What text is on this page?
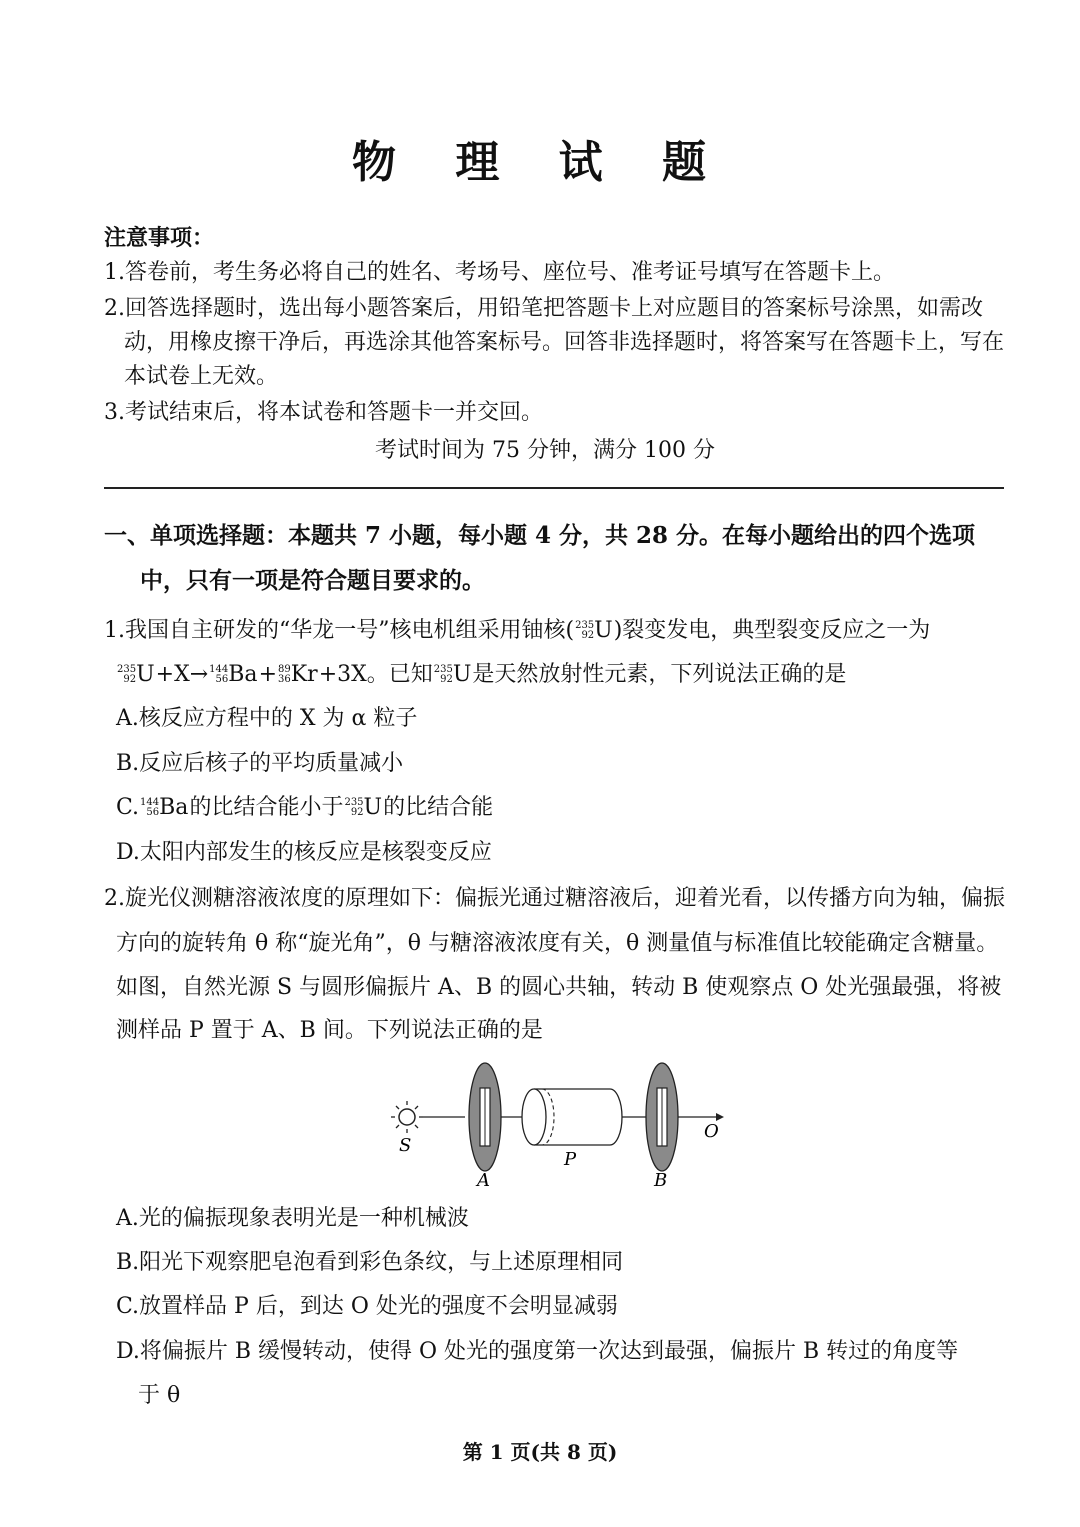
物 理 试 题
注意事项：
1.答卷前，考生务必将自己的姓名、考场号、座位号、准考证号填写在答题卡上。
2.回答选择题时，选出每小题答案后，用铅笔把答题卡上对应题目的答案标号涂黑，如需改
动，用橡皮擦干净后，再选涂其他答案标号。回答非选择题时，将答案写在答题卡上，写在
本试卷上无效。
3.考试结束后，将本试卷和答题卡一并交回。
考试时间为 75 分钟，满分 100 分
一、单项选择题：本题共 7 小题，每小题 4 分，共 28 分。在每小题给出的四个选项
中，只有一项是符合题目要求的。
1.我国自主研发的“华龙一号”核电机组采用铀核( 235
92 U)裂变发电，典型裂变反应之一为
235
92 U+X→ 144
56 Ba+ 89
36 Kr+3X。已知 235
92 U是天然放射性元素，下列说法正确的是
A.核反应方程中的 X 为 α 粒子
B.反应后核子的平均质量减小
C. 144
56 Ba的比结合能小于 235
92 U的比结合能
D.太阳内部发生的核反应是核裂变反应
2.旋光仪测糖溶液浓度的原理如下：偏振光通过糖溶液后，迎着光看，以传播方向为轴，偏振
方向的旋转角 θ 称“旋光角”，θ 与糖溶液浓度有关，θ 测量值与标准值比较能确定含糖量。
如图，自然光源 S 与圆形偏振片 A、B 的圆心共轴，转动 B 使观察点 O 处光强最强，将被
测样品 P 置于 A、B 间。下列说法正确的是
S
A
P
B
O
A.光的偏振现象表明光是一种机械波
B.阳光下观察肥皂泡看到彩色条纹，与上述原理相同
C.放置样品 P 后，到达 O 处光的强度不会明显减弱
D.将偏振片 B 缓慢转动，使得 O 处光的强度第一次达到最强，偏振片 B 转过的角度等
于 θ
第 1 页(共 8 页)
